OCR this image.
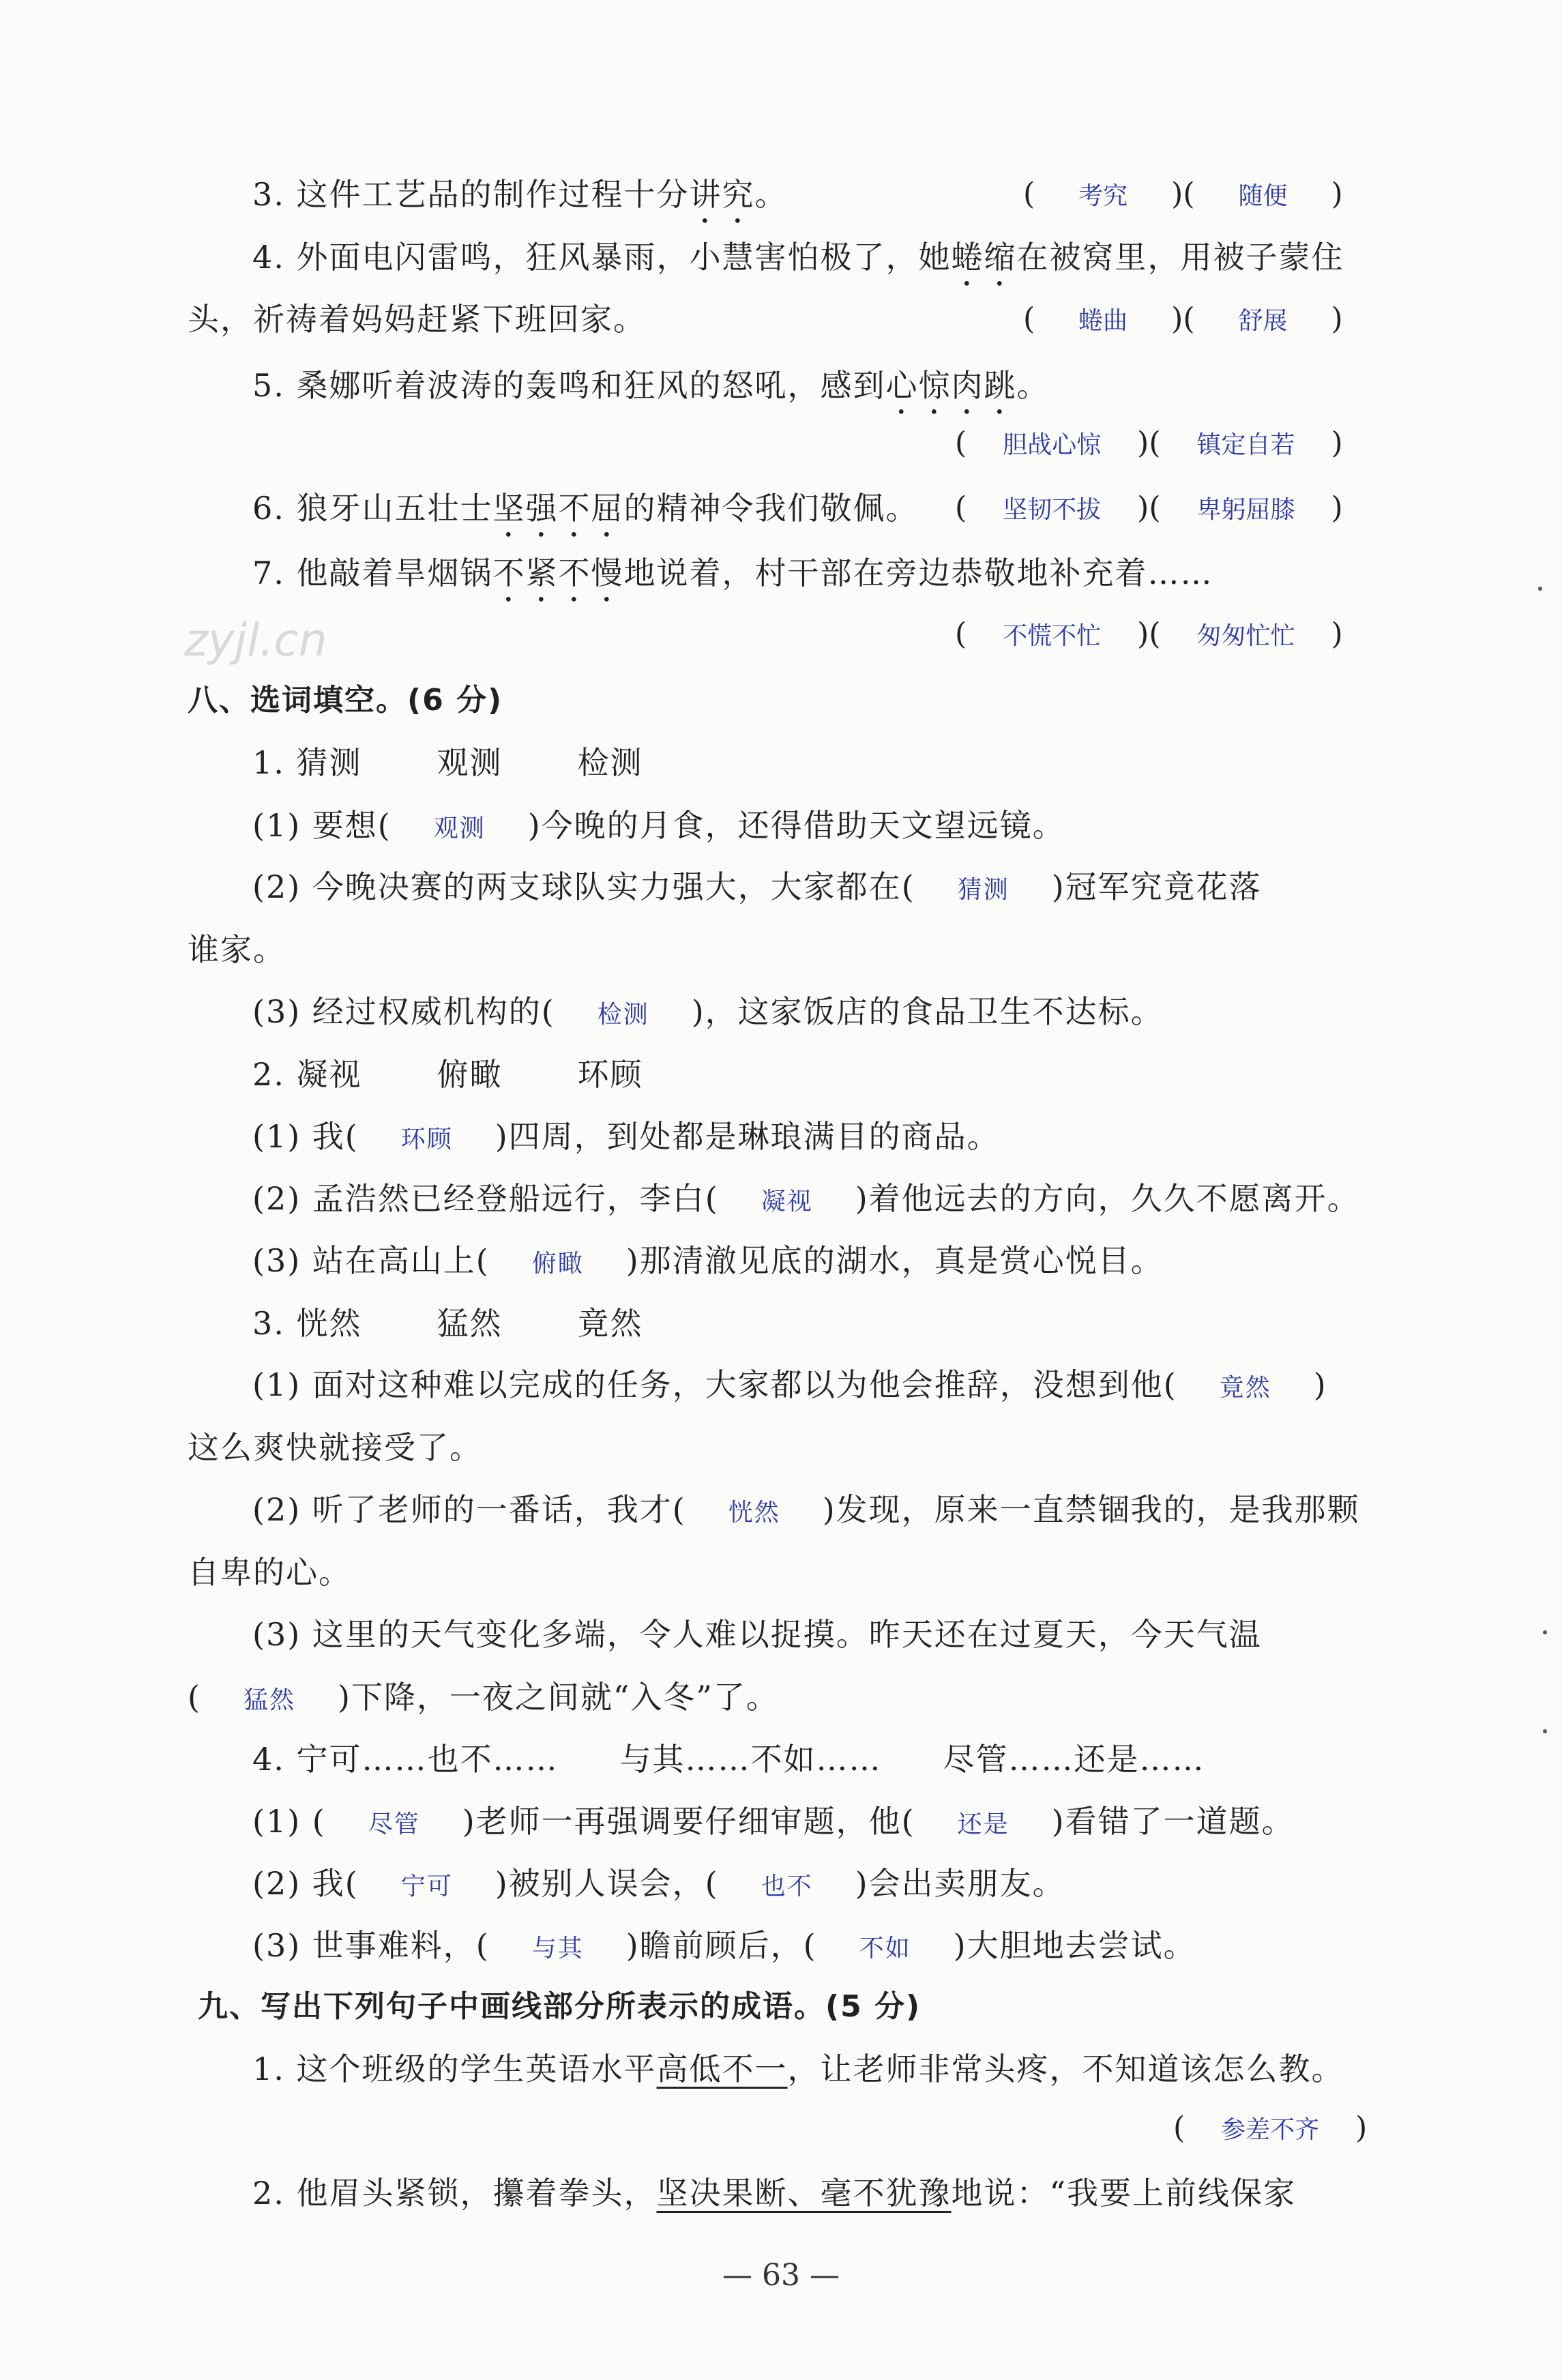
zyjl.cn
3. 这件工艺品的制作过程十分讲究。	( 考究 )( 随便 )
4. 外面电闪雷鸣，狂风暴雨，小慧害怕极了，她蜷缩在被窝里，用被子蒙住
头，祈祷着妈妈赶紧下班回家。	( 蜷曲 )( 舒展 )
5. 桑娜听着波涛的轰鸣和狂风的怒吼，感到心惊肉跳。
( 胆战心惊 )( 镇定自若 )
6. 狼牙山五壮士坚强不屈的精神令我们敬佩。 ( 坚韧不拔 )( 卑躬屈膝 )
7. 他敲着旱烟锅不紧不慢地说着，村干部在旁边恭敬地补充着……
( 不慌不忙 )( 匆匆忙忙 )
八、选词填空。(6 分)
1. 猜测 观测 检测
(1) 要想( 观测 )今晚的月食，还得借助天文望远镜。
(2) 今晚决赛的两支球队实力强大，大家都在( 猜测 )冠军究竟花落
谁家。
(3) 经过权威机构的( 检测 )，这家饭店的食品卫生不达标。
2. 凝视 俯瞰 环顾
(1) 我( 环顾 )四周，到处都是琳琅满目的商品。
(2) 孟浩然已经登船远行，李白( 凝视 )着他远去的方向，久久不愿离开。
(3) 站在高山上( 俯瞰 )那清澈见底的湖水，真是赏心悦目。
3. 恍然 猛然 竟然
(1) 面对这种难以完成的任务，大家都以为他会推辞，没想到他( 竟然 )
这么爽快就接受了。
(2) 听了老师的一番话，我才( 恍然 )发现，原来一直禁锢我的，是我那颗
自卑的心。
(3) 这里的天气变化多端，令人难以捉摸。昨天还在过夏天，今天气温
( 猛然 )下降，一夜之间就“入冬”了。
4. 宁可……也不…… 与其……不如…… 尽管……还是……
(1) ( 尽管 )老师一再强调要仔细审题，他( 还是 )看错了一道题。
(2) 我( 宁可 )被别人误会，( 也不 )会出卖朋友。
(3) 世事难料，( 与其 )瞻前顾后，( 不如 )大胆地去尝试。
九、写出下列句子中画线部分所表示的成语。(5 分)
1. 这个班级的学生英语水平高低不一，让老师非常头疼，不知道该怎么教。
( 参差不齐 )
2. 他眉头紧锁，攥着拳头，坚决果断、毫不犹豫地说：“我要上前线保家
— 63 —
